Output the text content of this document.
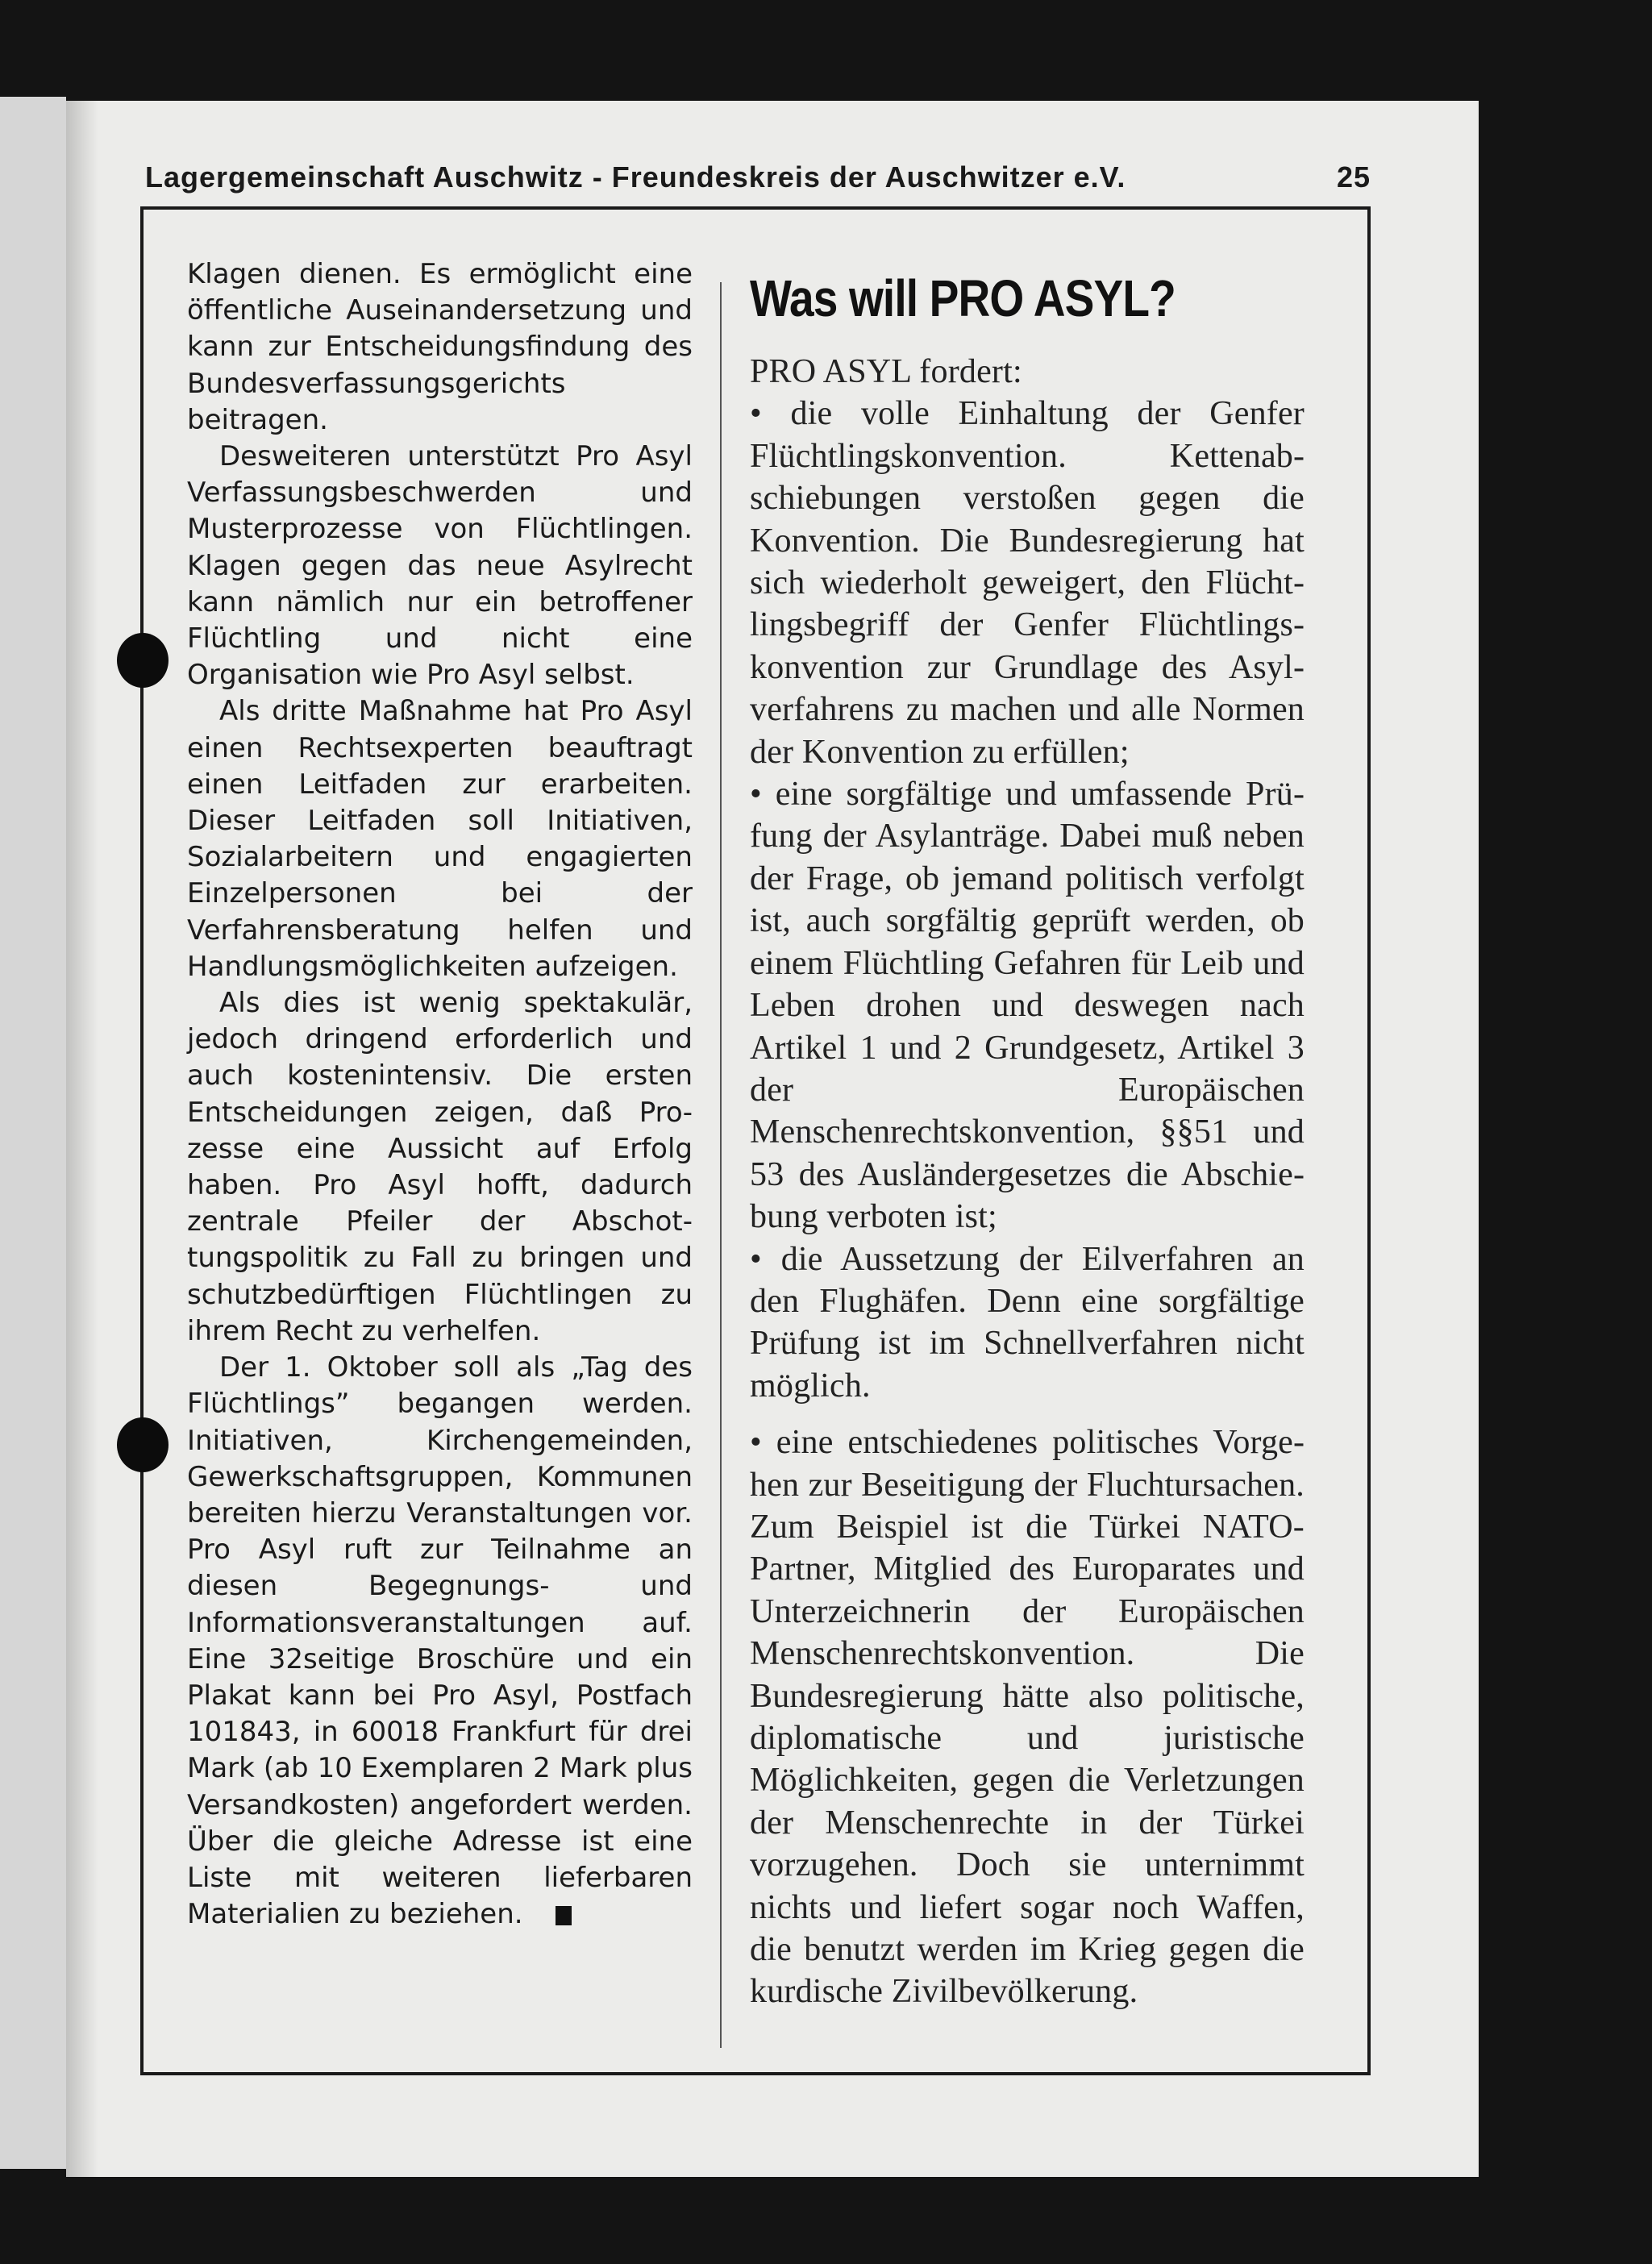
Lagergemeinschaft Auschwitz - Freundeskreis der Auschwitzer e.V.	25

Klagen dienen. Es ermöglicht eine öffentliche Auseinandersetzung und kann zur Entscheidungsfindung des Bundesverfassungsgerichts beitragen.

Desweiteren unterstützt Pro Asyl Verfassungsbeschwerden und Musterprozesse von Flüchtlingen. Klagen gegen das neue Asylrecht kann nämlich nur ein betroffener Flüchtling und nicht eine Organisation wie Pro Asyl selbst.

Als dritte Maßnahme hat Pro Asyl einen Rechtsexperten beauftragt einen Leitfaden zur erarbeiten. Dieser Leitfaden soll Initiativen, Sozialarbeitern und engagierten Einzelpersonen bei der Verfahrensberatung helfen und Handlungsmöglichkeiten aufzeigen.

Als dies ist wenig spektakulär, jedoch dringend erforderlich und auch kostenintensiv. Die ersten Entscheidungen zeigen, daß Prozesse eine Aussicht auf Erfolg haben. Pro Asyl hofft, dadurch zentrale Pfeiler der Abschottungspolitik zu Fall zu bringen und schutzbedürftigen Flüchtlingen zu ihrem Recht zu verhelfen.

Der 1. Oktober soll als „Tag des Flüchtlings” begangen werden. Initiativen, Kirchengemeinden, Gewerkschaftsgruppen, Kommunen bereiten hierzu Veranstaltungen vor. Pro Asyl ruft zur Teilnahme an diesen Begegnungs- und Informationsveranstaltungen auf. Eine 32seitige Broschüre und ein Plakat kann bei Pro Asyl, Postfach 101843, in 60018 Frankfurt für drei Mark (ab 10 Exemplaren 2 Mark plus Versandkosten) angefordert werden. Über die gleiche Adresse ist eine Liste mit weiteren lieferbaren Materialien zu beziehen.

Was will PRO ASYL?

PRO ASYL fordert:

• die volle Einhaltung der Genfer Flüchtlingskonvention. Kettenabschiebungen verstoßen gegen die Konvention. Die Bundesregierung hat sich wiederholt geweigert, den Flüchtlingsbegriff der Genfer Flüchtlingskonvention zur Grundlage des Asylverfahrens zu machen und alle Normen der Konvention zu erfüllen;

• eine sorgfältige und umfassende Prüfung der Asylanträge. Dabei muß neben der Frage, ob jemand politisch verfolgt ist, auch sorgfältig geprüft werden, ob einem Flüchtling Gefahren für Leib und Leben drohen und deswegen nach Artikel 1 und 2 Grundgesetz, Artikel 3 der Europäischen Menschenrechtskonvention, §§51 und 53 des Ausländergesetzes die Abschiebung verboten ist;

• die Aussetzung der Eilverfahren an den Flughäfen. Denn eine sorgfältige Prüfung ist im Schnellverfahren nicht möglich.

• eine entschiedenes politisches Vorgehen zur Beseitigung der Fluchtursachen. Zum Beispiel ist die Türkei NATO-Partner, Mitglied des Europarates und Unterzeichnerin der Europäischen Menschenrechtskonvention. Die Bundesregierung hätte also politische, diplomatische und juristische Möglichkeiten, gegen die Verletzungen der Menschenrechte in der Türkei vorzugehen. Doch sie unternimmt nichts und liefert sogar noch Waffen, die benutzt werden im Krieg gegen die kurdische Zivilbevölkerung.
